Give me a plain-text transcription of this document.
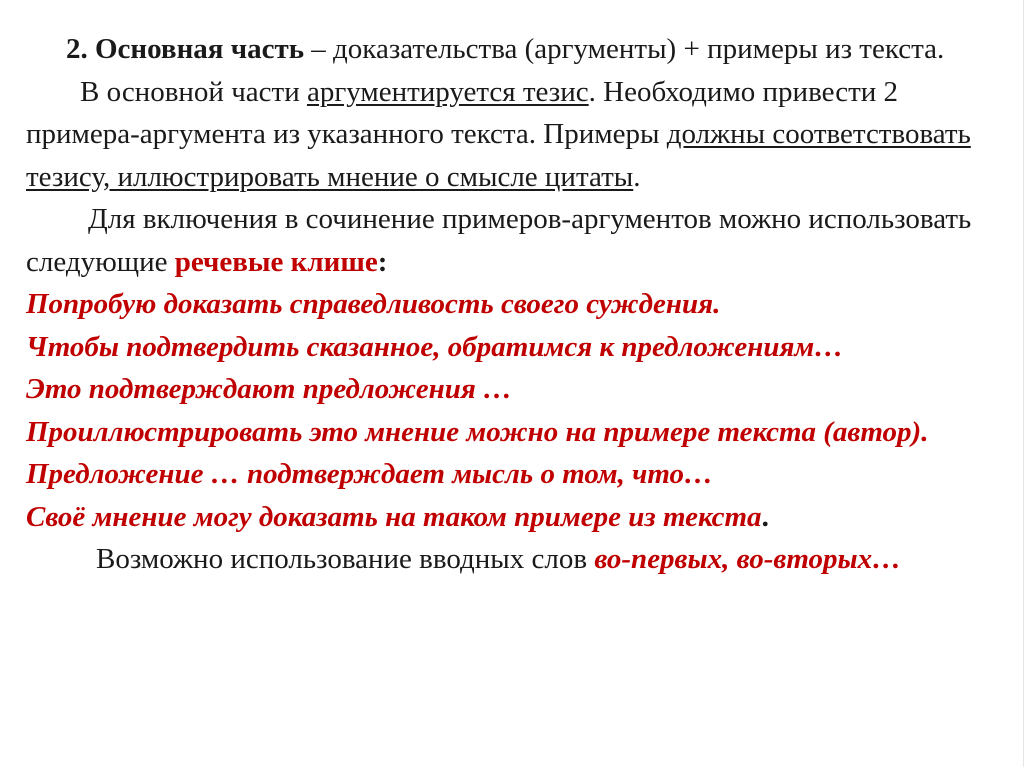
2. Основная часть – доказательства (аргументы) + примеры из текста.

В основной части аргументируется тезис. Необходимо привести 2 примера-аргумента из указанного текста. Примеры должны соответствовать тезису, иллюстрировать мнение о смысле цитаты.

Для включения в сочинение примеров-аргументов можно использовать следующие речевые клише:

Попробую доказать справедливость своего суждения.

Чтобы подтвердить сказанное, обратимся к предложениям…

Это подтверждают предложения …

Проиллюстрировать это мнение можно на примере текста (автор).

Предложение … подтверждает мысль о том, что…

Своё мнение могу доказать на таком примере из текста.

Возможно использование вводных слов во-первых, во-вторых…
